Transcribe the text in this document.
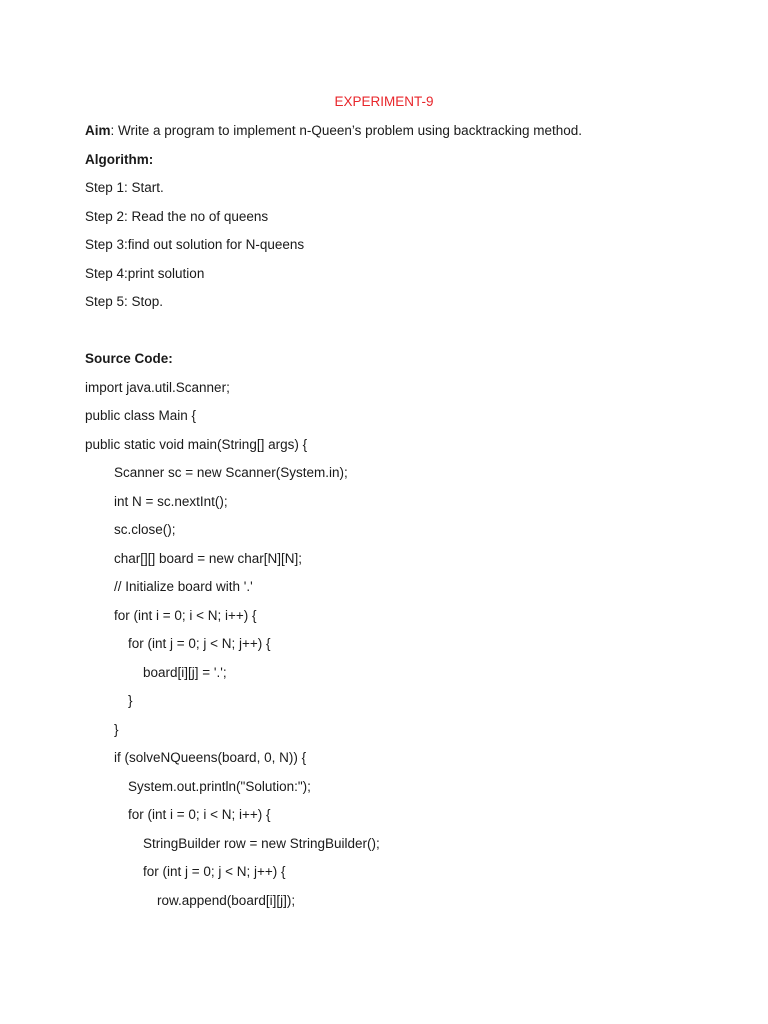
EXPERIMENT-9
Aim: Write a program to implement n-Queen’s problem using backtracking method.
Algorithm:
Step 1: Start.
Step 2: Read the no of queens
Step 3:find out solution for N-queens
Step 4:print solution
Step 5: Stop.
Source Code:
import java.util.Scanner;
public class Main {
public static void main(String[] args) {
Scanner sc = new Scanner(System.in);
int N = sc.nextInt();
sc.close();
char[][] board = new char[N][N];
// Initialize board with '.'
for (int i = 0; i < N; i++) {
for (int j = 0; j < N; j++) {
board[i][j] = '.';
}
}
if (solveNQueens(board, 0, N)) {
System.out.println("Solution:");
for (int i = 0; i < N; i++) {
StringBuilder row = new StringBuilder();
for (int j = 0; j < N; j++) {
row.append(board[i][j]);
